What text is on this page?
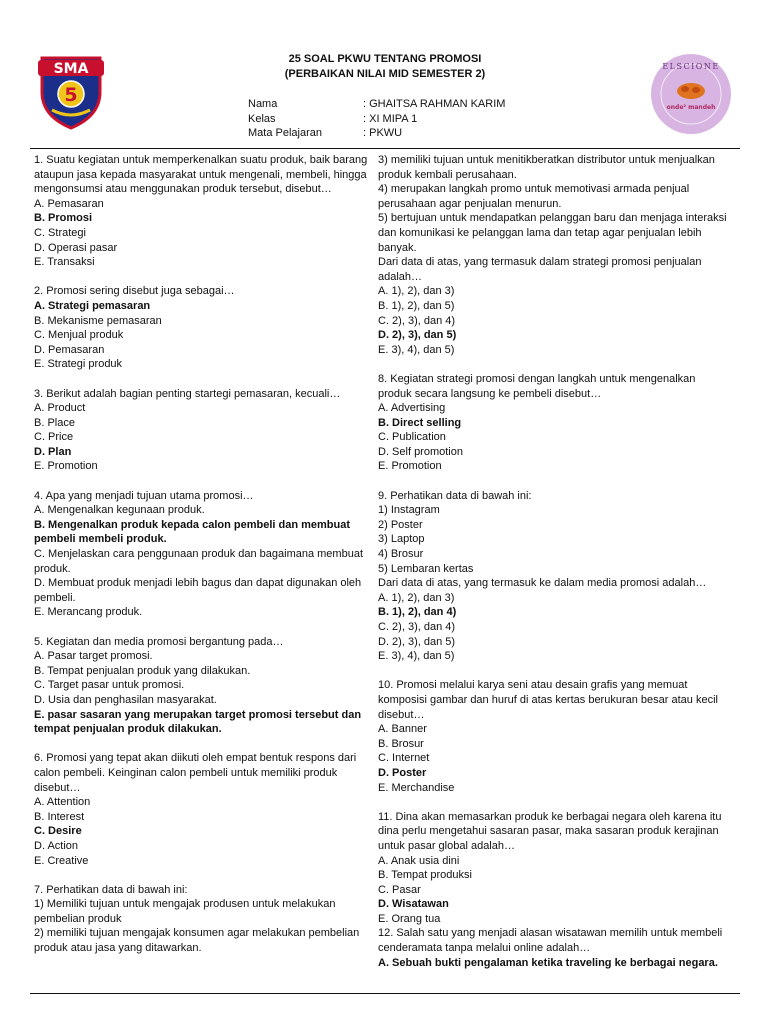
SMA
5
ELSCIONE
onde² mandeh
25 SOAL PKWU TENTANG PROMOSI
(PERBAIKAN NILAI MID SEMESTER 2)
Nama	: GHAITSA RAHMAN KARIM
Kelas	: XI MIPA 1
Mata Pelajaran	: PKWU
1. Suatu kegiatan untuk memperkenalkan suatu produk, baik barang ataupun jasa kepada masyarakat untuk mengenali, membeli, hingga mengonsumsi atau menggunakan produk tersebut, disebut…
A. Pemasaran
B. Promosi
C. Strategi
D. Operasi pasar
E. Transaksi
2. Promosi sering disebut juga sebagai…
A. Strategi pemasaran
B. Mekanisme pemasaran
C. Menjual produk
D. Pemasaran
E. Strategi produk
3. Berikut adalah bagian penting startegi pemasaran, kecuali…
A. Product
B. Place
C. Price
D. Plan
E. Promotion
4. Apa yang menjadi tujuan utama promosi…
A. Mengenalkan kegunaan produk.
B. Mengenalkan produk kepada calon pembeli dan membuat pembeli membeli produk.
C. Menjelaskan cara penggunaan produk dan bagaimana membuat produk.
D. Membuat produk menjadi lebih bagus dan dapat digunakan oleh pembeli.
E. Merancang produk.
5. Kegiatan dan media promosi bergantung pada…
A. Pasar target promosi.
B. Tempat penjualan produk yang dilakukan.
C. Target pasar untuk promosi.
D. Usia dan penghasilan masyarakat.
E. pasar sasaran yang merupakan target promosi tersebut dan tempat penjualan produk dilakukan.
6. Promosi yang tepat akan diikuti oleh empat bentuk respons dari calon pembeli. Keinginan calon pembeli untuk memiliki produk disebut…
A. Attention
B. Interest
C. Desire
D. Action
E. Creative
7. Perhatikan data di bawah ini:
1) Memiliki tujuan untuk mengajak produsen untuk melakukan pembelian produk
2) memiliki tujuan mengajak konsumen agar melakukan pembelian produk atau jasa yang ditawarkan.
3) memiliki tujuan untuk menitikberatkan distributor untuk menjualkan produk kembali perusahaan.
4) merupakan langkah promo untuk memotivasi armada penjual perusahaan agar penjualan menurun.
5) bertujuan untuk mendapatkan pelanggan baru dan menjaga interaksi dan komunikasi ke pelanggan lama dan tetap agar penjualan lebih banyak.
Dari data di atas, yang termasuk dalam strategi promosi penjualan adalah…
A. 1), 2), dan 3)
B. 1), 2), dan 5)
C. 2), 3), dan 4)
D. 2), 3), dan 5)
E. 3), 4), dan 5)
8. Kegiatan strategi promosi dengan langkah untuk mengenalkan produk secara langsung ke pembeli disebut…
A. Advertising
B. Direct selling
C. Publication
D. Self promotion
E. Promotion
9. Perhatikan data di bawah ini:
1) Instagram
2) Poster
3) Laptop
4) Brosur
5) Lembaran kertas
Dari data di atas, yang termasuk ke dalam media promosi adalah…
A. 1), 2), dan 3)
B. 1), 2), dan 4)
C. 2), 3), dan 4)
D. 2), 3), dan 5)
E. 3), 4), dan 5)
10. Promosi melalui karya seni atau desain grafis yang memuat komposisi gambar dan huruf di atas kertas berukuran besar atau kecil disebut…
A. Banner
B. Brosur
C. Internet
D. Poster
E. Merchandise
11. Dina akan memasarkan produk ke berbagai negara oleh karena itu dina perlu mengetahui sasaran pasar, maka sasaran produk kerajinan untuk pasar global adalah…
A. Anak usia dini
B. Tempat produksi
C. Pasar
D. Wisatawan
E. Orang tua
12. Salah satu yang menjadi alasan wisatawan memilih untuk membeli cenderamata tanpa melalui online adalah…
A. Sebuah bukti pengalaman ketika traveling ke berbagai negara.
